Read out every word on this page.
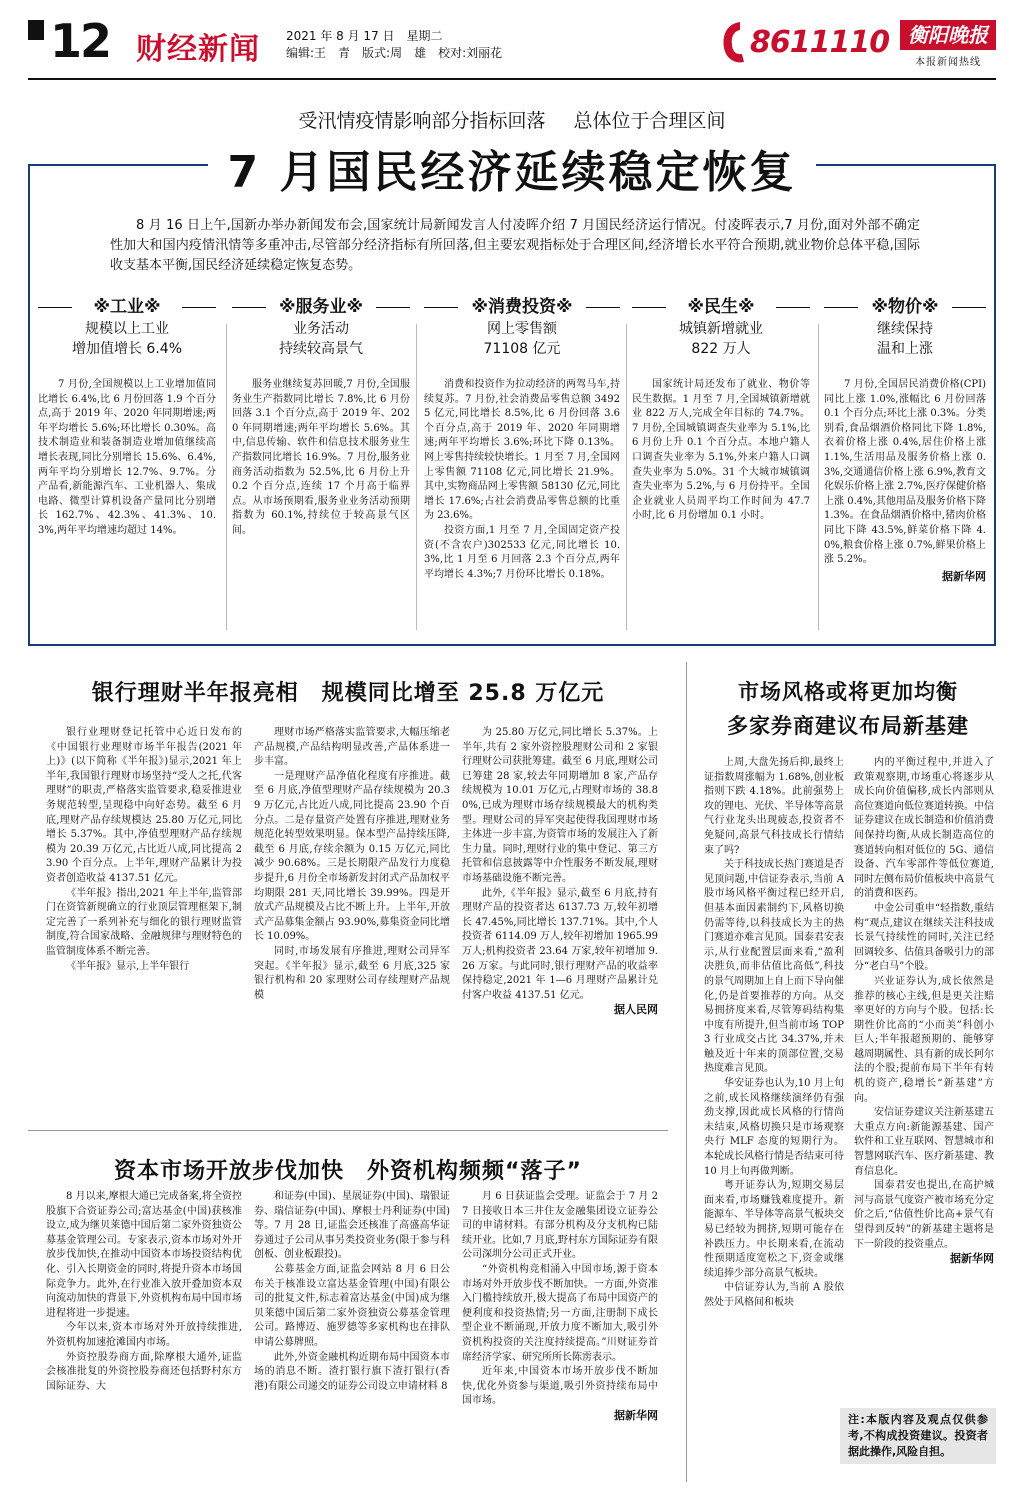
12 财经新闻 2021 年 8 月 17 日　星期二
编辑:王　青　版式:周　雄　校对:刘丽花	8611110 衡阳晚报
本报新闻热线
受汛情疫情影响部分指标回落 总体位于合理区间
7 月国民经济延续稳定恢复
8 月 16 日上午,国新办举办新闻发布会,国家统计局新闻发言人付凌晖介绍 7 月国民经济运行情况。付凌晖表示,7 月份,面对外部不确定性加大和国内疫情汛情等多重冲击,尽管部分经济指标有所回落,但主要宏观指标处于合理区间,经济增长水平符合预期,就业物价总体平稳,国际收支基本平衡,国民经济延续稳定恢复态势。
※工业※
规模以上工业
增加值增长 6.4%
7 月份,全国规模以上工业增加值同比增长 6.4%,比 6 月份回落 1.9 个百分点,高于 2019 年、2020 年同期增速;两年平均增长 5.6%;环比增长 0.30%。高技术制造业和装备制造业增加值继续高增长表现,同比分别增长 15.6%、6.4%,两年平均分别增长 12.7%、9.7%。分产品看,新能源汽车、工业机器人、集成电路、微型计算机设备产量同比分别增长 162.7%、42.3%、41.3%、10.3%,两年平均增速均超过 14%。
※服务业※
业务活动
持续较高景气
服务业继续复苏回暖,7 月份,全国服务业生产指数同比增长 7.8%,比 6 月份回落 3.1 个百分点,高于 2019 年、2020 年同期增速;两年平均增长 5.6%。其中,信息传输、软件和信息技术服务业生产指数同比增长 16.9%。7 月份,服务业商务活动指数为 52.5%,比 6 月份上升 0.2 个百分点,连续 17 个月高于临界点。从市场预期看,服务业业务活动预期指数为 60.1%,持续位于较高景气区间。
※消费投资※
网上零售额
71108 亿元
消费和投资作为拉动经济的两驾马车,持续复苏。7 月份,社会消费品零售总额 34925 亿元,同比增长 8.5%,比 6 月份回落 3.6 个百分点,高于 2019 年、2020 年同期增速;两年平均增长 3.6%;环比下降 0.13%。网上零售持续较快增长。1 月至 7 月,全国网上零售额 71108 亿元,同比增长 21.9%。其中,实物商品网上零售额 58130 亿元,同比增长 17.6%;占社会消费品零售总额的比重为 23.6%。
投资方面,1 月至 7 月,全国固定资产投资(不含农户)302533 亿元,同比增长 10.3%,比 1 月至 6 月回落 2.3 个百分点,两年平均增长 4.3%;7 月份环比增长 0.18%。
※民生※
城镇新增就业
822 万人
国家统计局还发布了就业、物价等民生数据。1 月至 7 月,全国城镇新增就业 822 万人,完成全年目标的 74.7%。7 月份,全国城镇调查失业率为 5.1%,比 6 月份上升 0.1 个百分点。本地户籍人口调查失业率为 5.1%,外来户籍人口调查失业率为 5.0%。31 个大城市城镇调查失业率为 5.2%,与 6 月份持平。全国企业就业人员周平均工作时间为 47.7 小时,比 6 月份增加 0.1 小时。
※物价※
继续保持
温和上涨
7 月份,全国居民消费价格(CPI)同比上涨 1.0%,涨幅比 6 月份回落 0.1 个百分点;环比上涨 0.3%。分类别看,食品烟酒价格同比下降 1.8%,衣着价格上涨 0.4%,居住价格上涨 1.1%,生活用品及服务价格上涨 0.3%,交通通信价格上涨 6.9%,教育文化娱乐价格上涨 2.7%,医疗保健价格上涨 0.4%,其他用品及服务价格下降 1.3%。在食品烟酒价格中,猪肉价格同比下降 43.5%,鲜菜价格下降 4.0%,粮食价格上涨 0.7%,鲜果价格上涨 5.2%。
据新华网
银行理财半年报亮相　规模同比增至 25.8 万亿元

银行业理财登记托管中心近日发布的《中国银行业理财市场半年报告(2021 年上)》(以下简称《半年报》)显示,2021 年上半年,我国银行理财市场坚持“受人之托,代客理财”的职责,严格落实监管要求,稳妥推进业务规范转型,呈现稳中向好态势。截至 6 月底,理财产品存续规模达 25.80 万亿元,同比增长 5.37%。其中,净值型理财产品存续规模为 20.39 万亿元,占比近八成,同比提高 23.90 个百分点。上半年,理财产品累计为投资者创造收益 4137.51 亿元。

《半年报》指出,2021 年上半年,监管部门在资管新规确立的行业顶层管理框架下,制定完善了一系列补充与细化的银行理财监管制度,符合国家战略、金融规律与理财特色的监管制度体系不断完善。

《半年报》显示,上半年银行

理财市场严格落实监管要求,大幅压缩老产品规模,产品结构明显改善,产品体系进一步丰富。

一是理财产品净值化程度有序推进。截至 6 月底,净值型理财产品存续规模为 20.39 万亿元,占比近八成,同比提高 23.90 个百分点。二是存量资产处置有序推进,理财业务规范化转型效果明显。保本型产品持续压降,截至 6 月底,存续余额为 0.15 万亿元,同比减少 90.68%。三是长期限产品发行力度稳步提升,6 月份全市场新发封闭式产品加权平均期限 281 天,同比增长 39.99%。四是开放式产品规模及占比不断上升。上半年,开放式产品募集金额占 93.90%,募集资金同比增长 10.09%。

同时,市场发展有序推进,理财公司异军突起。《半年报》显示,截至 6 月底,325 家银行机构和 20 家理财公司存续理财产品规模

为 25.80 万亿元,同比增长 5.37%。上半年,共有 2 家外资控股理财公司和 2 家银行理财公司获批筹建。截至 6 月底,理财公司已筹建 28 家,较去年同期增加 8 家,产品存续规模为 10.01 万亿元,占理财市场的 38.80%,已成为理财市场存续规模最大的机构类型。理财公司的异军突起使得我国理财市场主体进一步丰富,为资管市场的发展注入了新生力量。同时,理财行业的集中登记、第三方托管和信息披露等中介性服务不断发展,理财市场基础设施不断完善。

此外,《半年报》显示,截至 6 月底,持有理财产品的投资者达 6137.73 万,较年初增长 47.45%,同比增长 137.71%。其中,个人投资者 6114.09 万人,较年初增加 1965.99 万人;机构投资者 23.64 万家,较年初增加 9.26 万家。与此同时,银行理财产品的收益率保持稳定,2021 年 1—6 月理财产品累计兑付客户收益 4137.51 亿元。

据人民网
资本市场开放步伐加快　外资机构频频“落子”

8 月以来,摩根大通已完成备案,将全资控股旗下合资证券公司;富达基金(中国)获核准设立,成为继贝莱德中国后第二家外资独资公募基金管理公司。专家表示,资本市场对外开放步伐加快,在推动中国资本市场投资结构优化、引入长期资金的同时,将提升资本市场国际竞争力。此外,在行业准入放开叠加资本双向流动加快的背景下,外资机构布局中国市场进程将进一步提速。

今年以来,资本市场对外开放持续推进,外资机构加速抢滩国内市场。

外资控股券商方面,除摩根大通外,证监会核准批复的外资控股券商还包括野村东方国际证券、大

和证券(中国)、星展证券(中国)、瑞银证券、瑞信证券(中国)、摩根士丹利证券(中国)等。7 月 28 日,证监会还核准了高盛高华证券通过子公司从事另类投资业务(限于参与科创板、创业板跟投)。

公募基金方面,证监会网站 8 月 6 日公布关于核准设立富达基金管理(中国)有限公司的批复文件,标志着富达基金(中国)成为继贝莱德中国后第二家外资独资公募基金管理公司。路博迈、施罗德等多家机构也在排队申请公募牌照。

此外,外资金融机构近期布局中国资本市场的消息不断。渣打银行旗下渣打银行(香港)有限公司递交的证券公司设立申请材料 8

月 6 日获证监会受理。证监会于 7 月 27 日接收日本三井住友金融集团设立证券公司的申请材料。有部分机构及分支机构已陆续开业。比如,7 月底,野村东方国际证券有限公司深圳分公司正式开业。

“外资机构竞相涌入中国市场,源于资本市场对外开放步伐不断加快。一方面,外资准入门槛持续放开,极大提高了布局中国资产的便利度和投资热情;另一方面,注册制下成长型企业不断涌现,开放力度不断加大,吸引外资机构投资的关注度持续提高。”川财证券首席经济学家、研究所所长陈雳表示。

近年来,中国资本市场开放步伐不断加快,优化外资参与渠道,吸引外资持续布局中国市场。

据新华网
市场风格或将更加均衡
多家券商建议布局新基建

上周,大盘先扬后抑,最终上证指数周涨幅为 1.68%,创业板指则下跌 4.18%。此前强势上攻的锂电、光伏、半导体等高景气行业龙头出现疲态,投资者不免疑问,高景气科技成长行情结束了吗?

关于科技成长热门赛道是否见顶问题,中信证券表示,当前 A 股市场风格平衡过程已经开启,但基本面因素制约下,风格切换仍需等待,以科技成长为主的热门赛道亦难言见顶。国泰君安表示,从行业配置层面来看,“盈利决胜负,而非估值比高低”,科技的景气周期加上自上而下导向催化,仍是首要推荐的方向。从交易拥挤度来看,尽管筹码结构集中度有所提升,但当前市场 TOP3 行业成交占比 34.37%,并未触及近十年来的顶部位置,交易热度难言见顶。

华安证券也认为,10 月上旬之前,成长风格继续演绎仍有强劲支撑,因此成长风格的行情尚未结束,风格切换只是市场观察央行 MLF 态度的短期行为。本轮成长风格行情是否结束可待 10 月上旬再做判断。

粤开证券认为,短期交易层面来看,市场赚钱难度提升。新能源车、半导体等高景气板块交易已经较为拥挤,短期可能存在补跌压力。中长期来看,在流动性预期适度宽松之下,资金或继续追捧少部分高景气板块。

中信证券认为,当前 A 股依然处于风格间和板块

内的平衡过程中,并进入了政策观察期,市场重心将逐步从成长向价值偏移,成长内部则从高位赛道向低位赛道转换。中信证券建议在成长制造和价值消费间保持均衡,从成长制造高位的赛道转向相对低位的 5G、通信设备、汽车零部件等低位赛道,同时左侧布局价值板块中高景气的消费和医药。

中金公司重申“轻指数,重结构”观点,建议在继续关注科技成长景气持续性的同时,关注已经回调较多、估值具备吸引力的部分“老白马”个股。

兴业证券认为,成长依然是推荐的核心主线,但是更关注赔率更好的方向与个股。包括:长期性价比高的“小而美”科创小巨人;半年报超预期的、能够穿越周期属性、具有新的成长阿尔法的个股;提前布局下半年有转机的资产,稳增长“新基建”方向。

安信证券建议关注新基建五大重点方向:新能源基建、国产软件和工业互联网、智慧城市和智慧网联汽车、医疗新基建、教育信息化。

国泰君安也提出,在高护城河与高景气度资产被市场充分定价之后,“估值性价比高+景气有望得到反转”的新基建主题将是下一阶段的投资重点。

据新华网
注:本版内容及观点仅供参考,不构成投资建议。投资者据此操作,风险自担。
